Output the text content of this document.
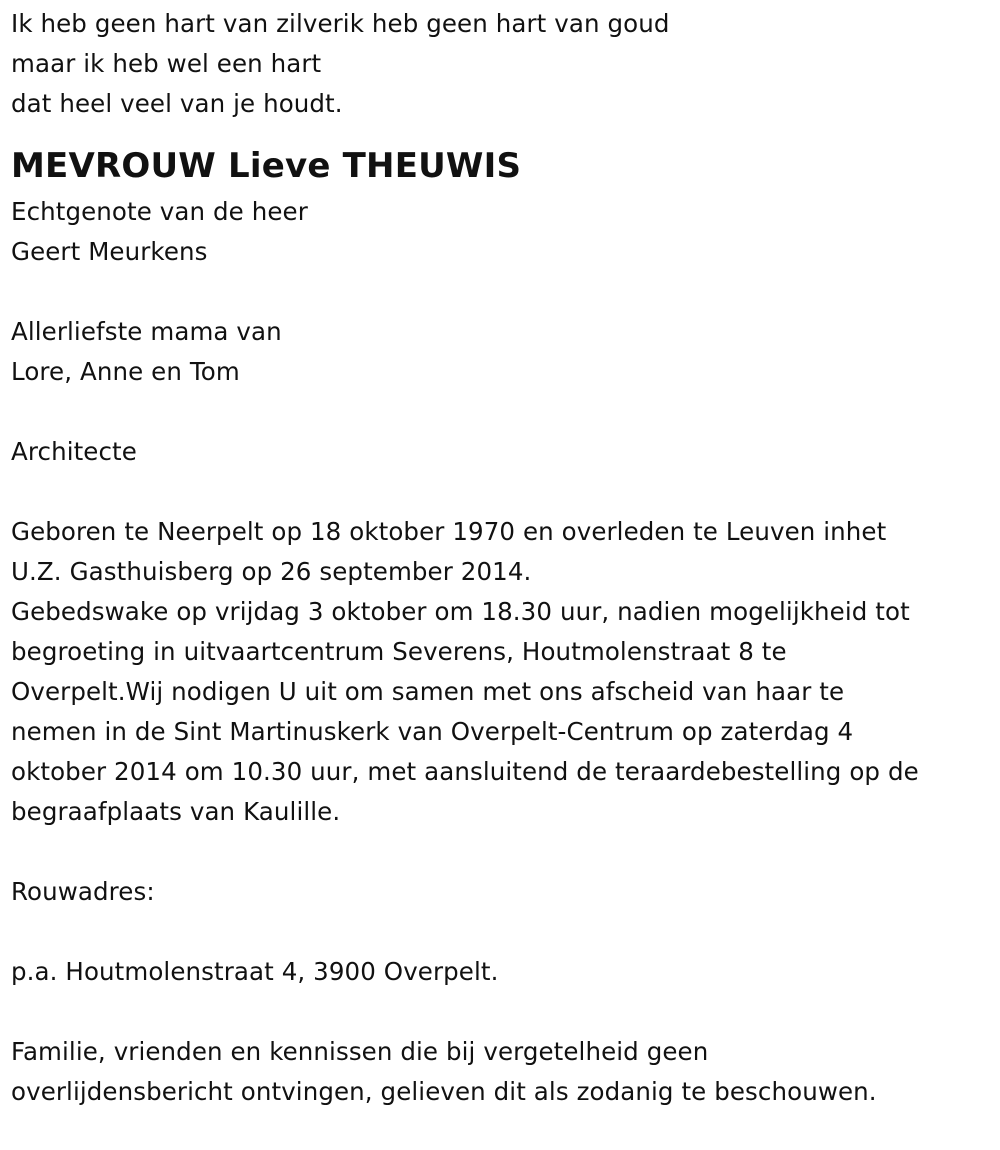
Ik heb geen hart van zilverik heb geen hart van goud
maar ik heb wel een hart
dat heel veel van je houdt.
MEVROUW Lieve THEUWIS
Echtgenote van de heer
Geert Meurkens
Allerliefste mama van
Lore, Anne en Tom
Architecte
Geboren te Neerpelt op 18 oktober 1970 en overleden te Leuven inhet
U.Z. Gasthuisberg op 26 september 2014.
Gebedswake op vrijdag 3 oktober om 18.30 uur, nadien mogelijkheid tot
begroeting in uitvaartcentrum Severens, Houtmolenstraat 8 te
Overpelt.Wij nodigen U uit om samen met ons afscheid van haar te
nemen in de Sint Martinuskerk van Overpelt-Centrum op zaterdag 4
oktober 2014 om 10.30 uur, met aansluitend de teraardebestelling op de
begraafplaats van Kaulille.
Rouwadres:
p.a. Houtmolenstraat 4, 3900 Overpelt.
Familie, vrienden en kennissen die bij vergetelheid geen
overlijdensbericht ontvingen, gelieven dit als zodanig te beschouwen.
